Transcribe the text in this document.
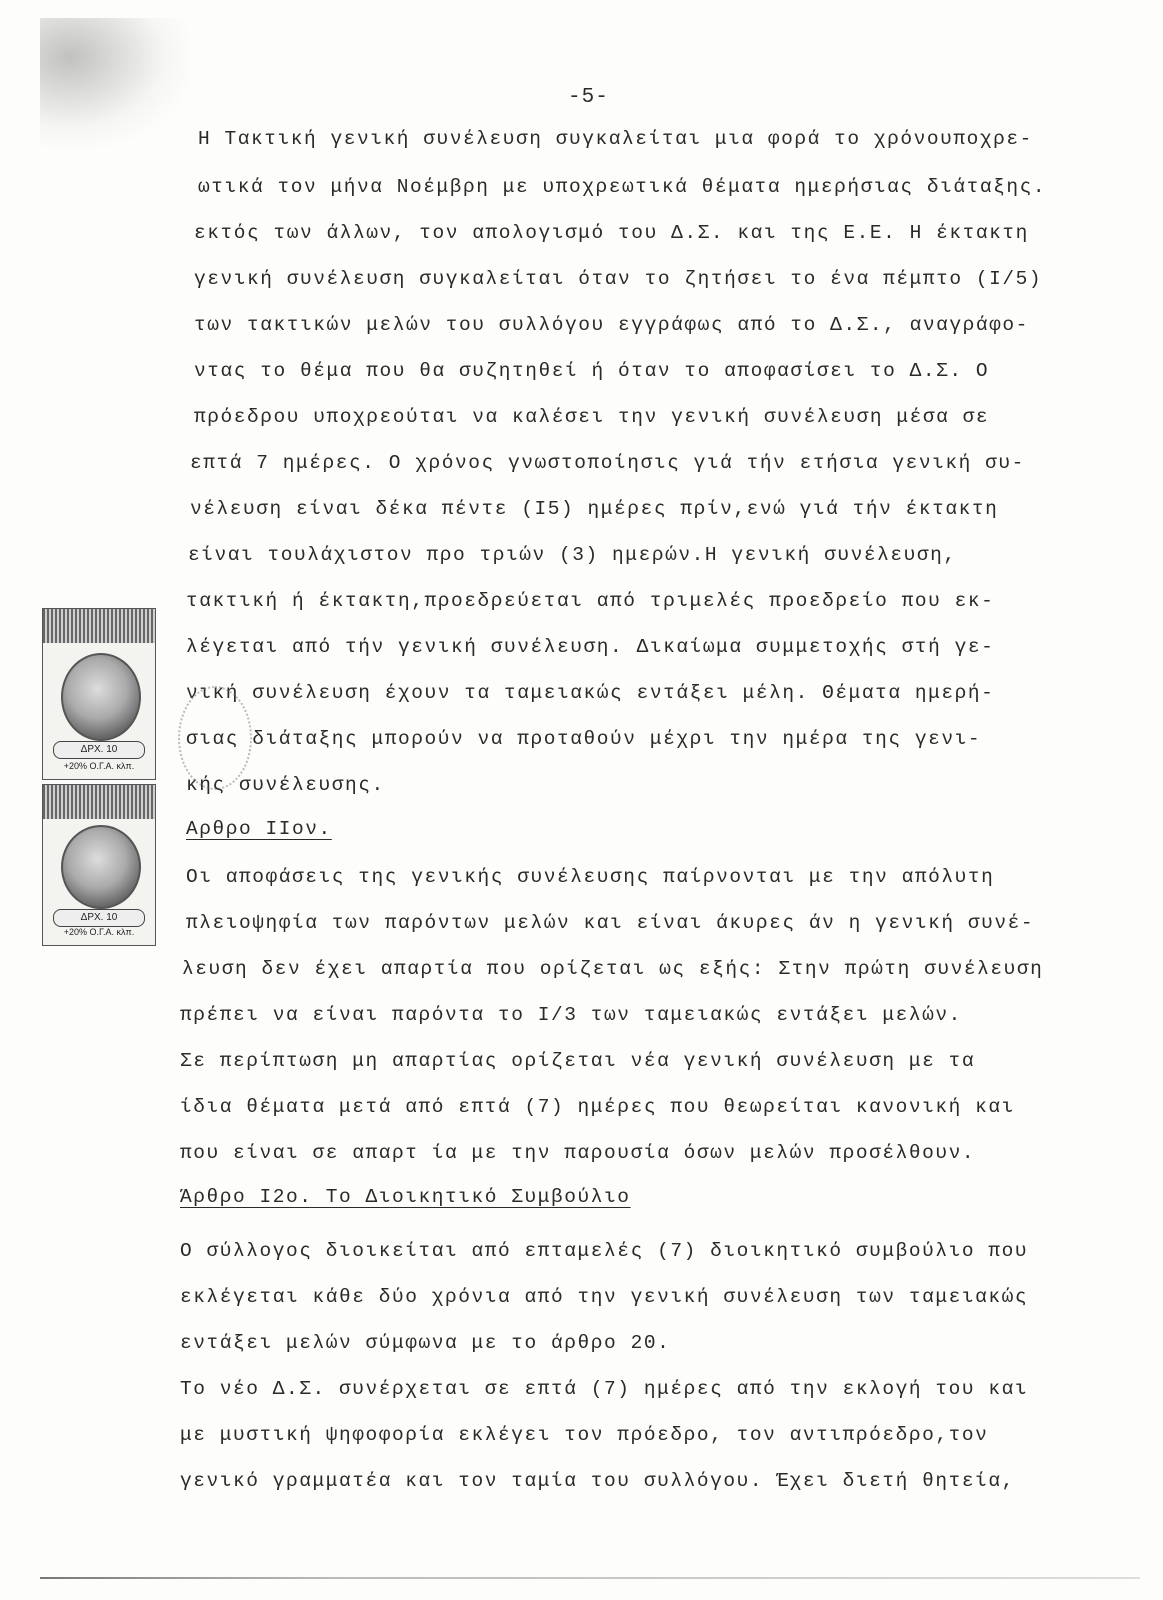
-5-
Η Τακτική γενική συνέλευση συγκαλείται μια φορά το χρόνουποχρε-
ωτικά τον μήνα Νοέμβρη με υποχρεωτικά θέματα ημερήσιας διάταξης.
εκτός των άλλων, τον απολογισμό του Δ.Σ. και της Ε.Ε. Η έκτακτη
γενική συνέλευση συγκαλείται όταν το ζητήσει το ένα πέμπτο (Ι/5)
των τακτικών μελών του συλλόγου εγγράφως από το Δ.Σ., αναγράφο-
ντας το θέμα που θα συζητηθεί ή όταν το αποφασίσει το Δ.Σ. Ο
πρόεδρου υποχρεούται να καλέσει την γενική συνέλευση μέσα σε
επτά 7 ημέρες. Ο χρόνος γνωστοποίησις γιά τήν ετήσια γενική συ-
νέλευση είναι δέκα πέντε (Ι5) ημέρες πρίν,ενώ γιά τήν έκτακτη
είναι τουλάχιστον προ τριών (3) ημερών.Η γενική συνέλευση,
τακτική ή έκτακτη,προεδρεύεται από τριμελές προεδρείο που εκ-
λέγεται από τήν γενική συνέλευση. Δικαίωμα συμμετοχής στή γε-
νική συνέλευση έχουν τα ταμειακώς εντάξει μέλη. Θέματα ημερή-
σιας διάταξης μπορούν να προταθούν μέχρι την ημέρα της γενι-
κής συνέλευσης.
Αρθρο ΙΙον.
Οι αποφάσεις της γενικής συνέλευσης παίρνονται με την απόλυτη
πλειοψηφία των παρόντων μελών και είναι άκυρες άν η γενική συνέ-
λευση δεν έχει απαρτία που ορίζεται ως εξής: Στην πρώτη συνέλευση
πρέπει να είναι παρόντα το Ι/3 των ταμειακώς εντάξει μελών.
Σε περίπτωση μη απαρτίας ορίζεται νέα γενική συνέλευση με τα
ίδια θέματα μετά από επτά (7) ημέρες που θεωρείται κανονική και
που είναι σε απαρτ ία με την παρουσία όσων μελών προσέλθουν.
Άρθρο Ι2ο. Το Διοικητικό Συμβούλιο
Ο σύλλογος διοικείται από επταμελές (7) διοικητικό συμβούλιο που
εκλέγεται κάθε δύο χρόνια από την γενική συνέλευση των ταμειακώς
εντάξει μελών σύμφωνα με το άρθρο 20.
Το νέο Δ.Σ. συνέρχεται σε επτά (7) ημέρες από την εκλογή του και
με μυστική ψηφοφορία εκλέγει τον πρόεδρο, τον αντιπρόεδρο,τον
γενικό γραμματέα και τον ταμία του συλλόγου. Έχει διετή θητεία,
ΔΡΧ. 10
+20% Ο.Γ.Α. κλπ.
ΔΡΧ. 10
+20% Ο.Γ.Α. κλπ.
